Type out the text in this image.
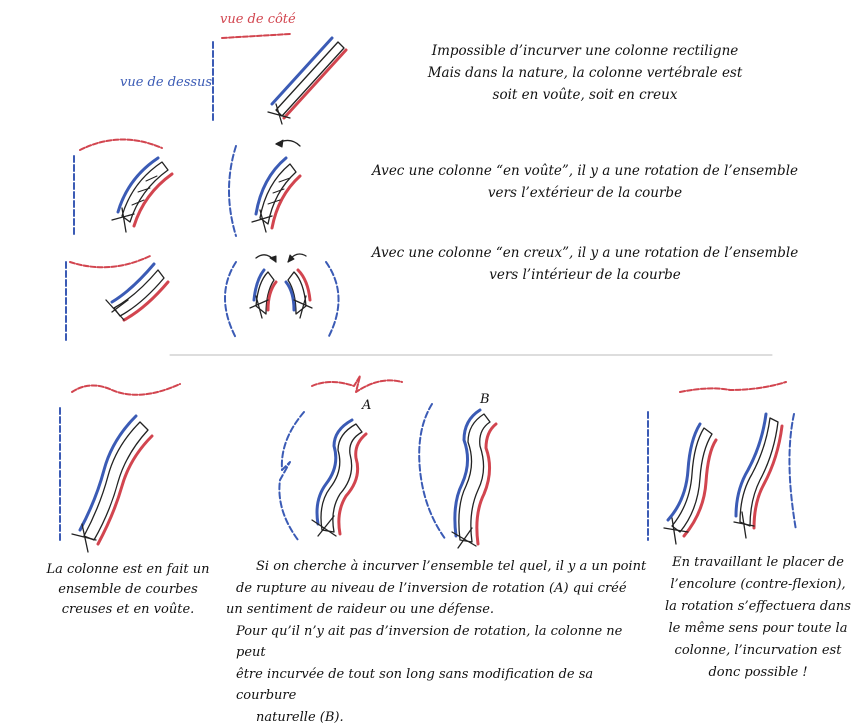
vue de côté
vue de dessus
Impossible d’incurver une colonne rectiligne
Mais dans la nature, la colonne vertébrale est
soit en voûte, soit en creux
Avec une colonne “en voûte”, il y a une rotation de l’ensemble
vers l’extérieur de la courbe
Avec une colonne “en creux”, il y a une rotation de l’ensemble
vers l’intérieur de la courbe
A	B
La colonne est en fait un
ensemble de courbes
creuses et en voûte.
Si on cherche à incurver l’ensemble tel quel, il y a un point
de rupture au niveau de l’inversion de rotation (A) qui créé
un sentiment de raideur ou une défense.
Pour qu’il n’y ait pas d’inversion de rotation, la colonne ne peut
être incurvée de tout son long sans modification de sa courbure
naturelle (B).
En travaillant le placer de
l’encolure (contre-flexion),
la rotation s’effectuera dans
le même sens pour toute la
colonne, l’incurvation est
donc possible !
